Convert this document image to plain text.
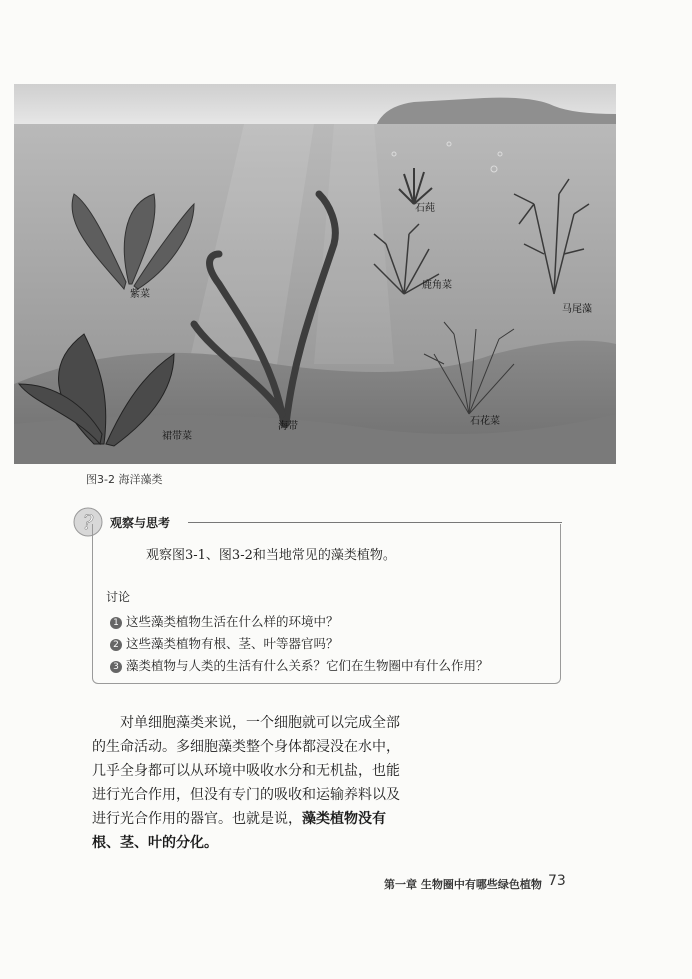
紫菜
石莼
鹿角菜
马尾藻
海带
裙带菜
石花菜
图3-2 海洋藻类
? 观察与思考
观察图3-1、图3-2和当地常见的藻类植物。
讨论
1 这些藻类植物生活在什么样的环境中？
2 这些藻类植物有根、茎、叶等器官吗？
3 藻类植物与人类的生活有什么关系？它们在生物圈中有什么作用？

对单细胞藻类来说，一个细胞就可以完成全部

的生命活动。多细胞藻类整个身体都浸没在水中，

几乎全身都可以从环境中吸收水分和无机盐，也能

进行光合作用，但没有专门的吸收和运输养料以及

进行光合作用的器官。也就是说，藻类植物没有

根、茎、叶的分化。

第一章 生物圈中有哪些绿色植物 73
